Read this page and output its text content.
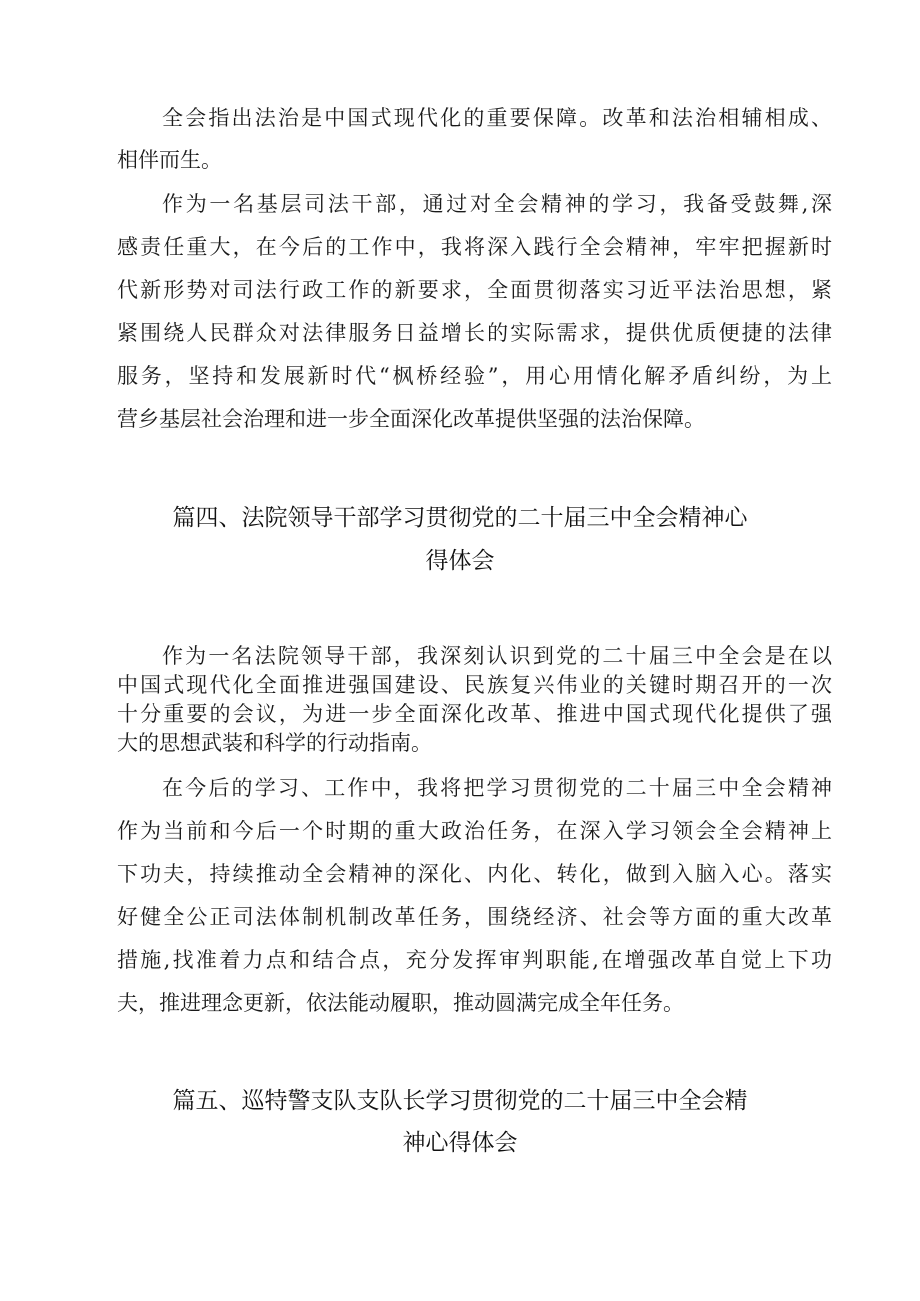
全会指出法治是中国式现代化的重要保障。改革和法治相辅相成、
相伴而生。
作为一名基层司法干部，通过对全会精神的学习，我备受鼓舞,深
感责任重大，在今后的工作中，我将深入践行全会精神，牢牢把握新时
代新形势对司法行政工作的新要求，全面贯彻落实习近平法治思想，紧
紧围绕人民群众对法律服务日益增长的实际需求，提供优质便捷的法律
服务，坚持和发展新时代“枫桥经验”，用心用情化解矛盾纠纷，为上
营乡基层社会治理和进一步全面深化改革提供坚强的法治保障。
篇四、法院领导干部学习贯彻党的二十届三中全会精神心
得体会
作为一名法院领导干部，我深刻认识到党的二十届三中全会是在以
中国式现代化全面推进强国建设、民族复兴伟业的关键时期召开的一次
十分重要的会议，为进一步全面深化改革、推进中国式现代化提供了强
大的思想武装和科学的行动指南。
在今后的学习、工作中，我将把学习贯彻党的二十届三中全会精神
作为当前和今后一个时期的重大政治任务，在深入学习领会全会精神上
下功夫，持续推动全会精神的深化、内化、转化，做到入脑入心。落实
好健全公正司法体制机制改革任务，围绕经济、社会等方面的重大改革
措施,找准着力点和结合点，充分发挥审判职能,在增强改革自觉上下功
夫，推进理念更新，依法能动履职，推动圆满完成全年任务。
篇五、巡特警支队支队长学习贯彻党的二十届三中全会精
神心得体会
